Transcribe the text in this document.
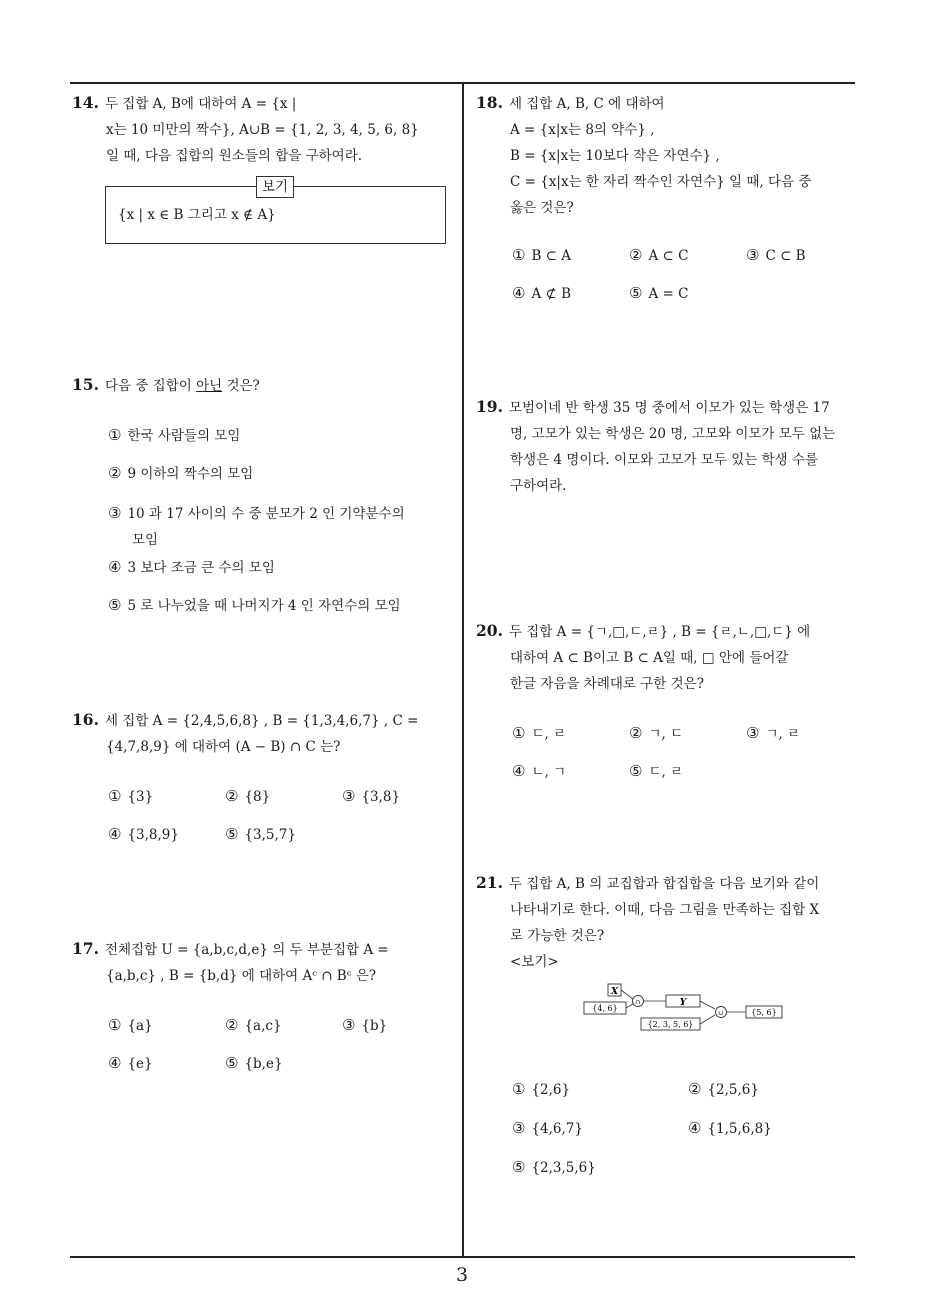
14. 두 집합 A, B에 대하여 A = {x |
x는 10 미만의 짝수}, A∪B = {1, 2, 3, 4, 5, 6, 8}
일 때, 다음 집합의 원소들의 합을 구하여라.
보기
{x | x ∈ B 그리고 x ∉ A}
15. 다음 중 집합이 아닌 것은?
① 한국 사람들의 모임
② 9 이하의 짝수의 모임
③ 10 과 17 사이의 수 중 분모가 2 인 기약분수의
모임
④ 3 보다 조금 큰 수의 모임
⑤ 5 로 나누었을 때 나머지가 4 인 자연수의 모임
16. 세 집합 A = {2,4,5,6,8} , B = {1,3,4,6,7} , C =
{4,7,8,9} 에 대하여 (A − B) ∩ C 는?
① {3}	② {8}	③ {3,8}
④ {3,8,9}	⑤ {3,5,7}
17. 전체집합 U = {a,b,c,d,e} 의 두 부분집합 A =
{a,b,c} , B = {b,d} 에 대하여 Aᶜ ∩ Bᶜ 은?
① {a}	② {a,c}	③ {b}
④ {e}	⑤ {b,e}
18. 세 집합 A, B, C 에 대하여
A = {x|x는 8의 약수} ,
B = {x|x는 10보다 작은 자연수} ,
C = {x|x는 한 자리 짝수인 자연수} 일 때, 다음 중
옳은 것은?
① B ⊂ A	② A ⊂ C	③ C ⊂ B
④ A ⊄ B	⑤ A = C
19. 모범이네 반 학생 35 명 중에서 이모가 있는 학생은 17
명, 고모가 있는 학생은 20 명, 고모와 이모가 모두 없는
학생은 4 명이다. 이모와 고모가 모두 있는 학생 수를
구하여라.
20. 두 집합 A = {ㄱ,□,ㄷ,ㄹ} , B = {ㄹ,ㄴ,□,ㄷ} 에
대하여 A ⊂ B이고 B ⊂ A일 때, □ 안에 들어갈
한글 자음을 차례대로 구한 것은?
① ㄷ, ㄹ	② ㄱ, ㄷ	③ ㄱ, ㄹ
④ ㄴ, ㄱ	⑤ ㄷ, ㄹ
21. 두 집합 A, B 의 교집합과 합집합을 다음 보기와 같이
나타내기로 한다. 이때, 다음 그림을 만족하는 집합 X
로 가능한 것은?
<보기>
X
{4, 6}
∩	Y
{2, 3, 5, 6}
∪	{5, 6}
① {2,6}	② {2,5,6}
③ {4,6,7}	④ {1,5,6,8}
⑤ {2,3,5,6}
3
